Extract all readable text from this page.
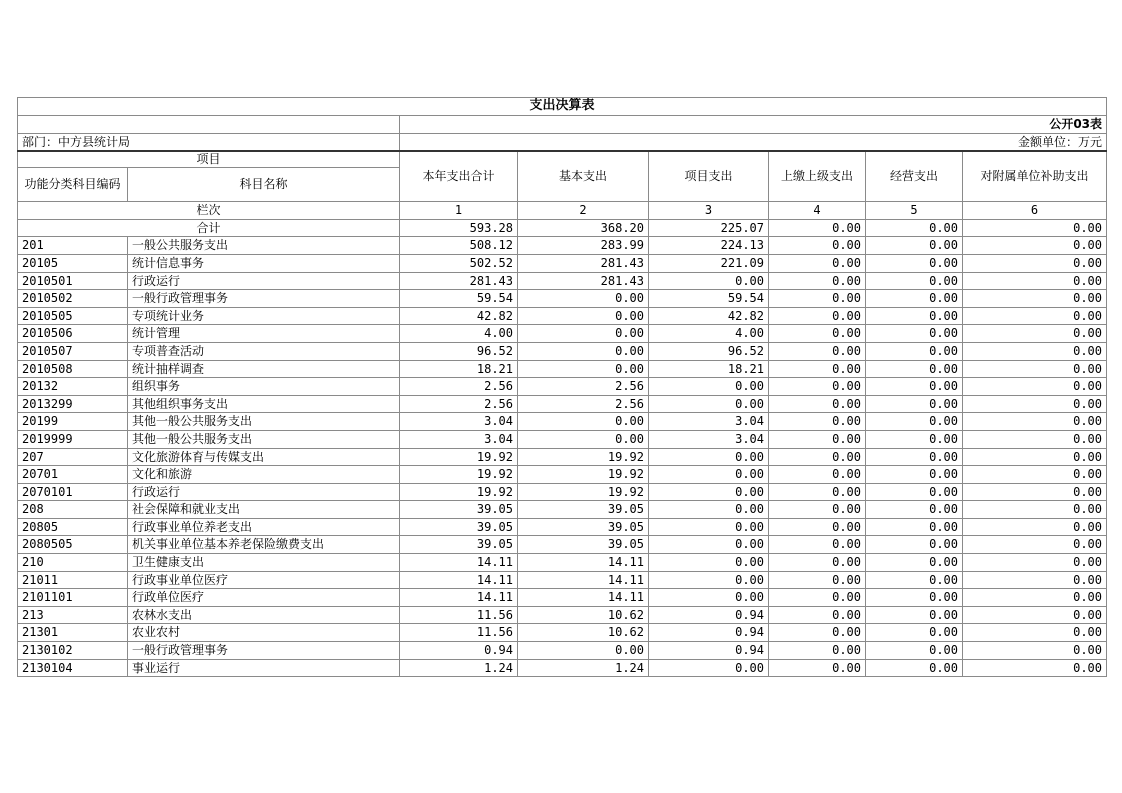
支出决算表							
		公开03表					
部门：中方县统计局		金额单位：万元					
项目		本年支出合计	基本支出	项目支出	上缴上级支出	经营支出	对附属单位补助支出
功能分类科目编码	科目名称						
栏次		1	2	3	4	5	6
合计		593.28	368.20	225.07	0.00	0.00	0.00
201	一般公共服务支出	508.12	283.99	224.13	0.00	0.00	0.00
20105	统计信息事务	502.52	281.43	221.09	0.00	0.00	0.00
2010501	行政运行	281.43	281.43	0.00	0.00	0.00	0.00
2010502	一般行政管理事务	59.54	0.00	59.54	0.00	0.00	0.00
2010505	专项统计业务	42.82	0.00	42.82	0.00	0.00	0.00
2010506	统计管理	4.00	0.00	4.00	0.00	0.00	0.00
2010507	专项普查活动	96.52	0.00	96.52	0.00	0.00	0.00
2010508	统计抽样调查	18.21	0.00	18.21	0.00	0.00	0.00
20132	组织事务	2.56	2.56	0.00	0.00	0.00	0.00
2013299	其他组织事务支出	2.56	2.56	0.00	0.00	0.00	0.00
20199	其他一般公共服务支出	3.04	0.00	3.04	0.00	0.00	0.00
2019999	其他一般公共服务支出	3.04	0.00	3.04	0.00	0.00	0.00
207	文化旅游体育与传媒支出	19.92	19.92	0.00	0.00	0.00	0.00
20701	文化和旅游	19.92	19.92	0.00	0.00	0.00	0.00
2070101	行政运行	19.92	19.92	0.00	0.00	0.00	0.00
208	社会保障和就业支出	39.05	39.05	0.00	0.00	0.00	0.00
20805	行政事业单位养老支出	39.05	39.05	0.00	0.00	0.00	0.00
2080505	机关事业单位基本养老保险缴费支出	39.05	39.05	0.00	0.00	0.00	0.00
210	卫生健康支出	14.11	14.11	0.00	0.00	0.00	0.00
21011	行政事业单位医疗	14.11	14.11	0.00	0.00	0.00	0.00
2101101	行政单位医疗	14.11	14.11	0.00	0.00	0.00	0.00
213	农林水支出	11.56	10.62	0.94	0.00	0.00	0.00
21301	农业农村	11.56	10.62	0.94	0.00	0.00	0.00
2130102	一般行政管理事务	0.94	0.00	0.94	0.00	0.00	0.00
2130104	事业运行	1.24	1.24	0.00	0.00	0.00	0.00
